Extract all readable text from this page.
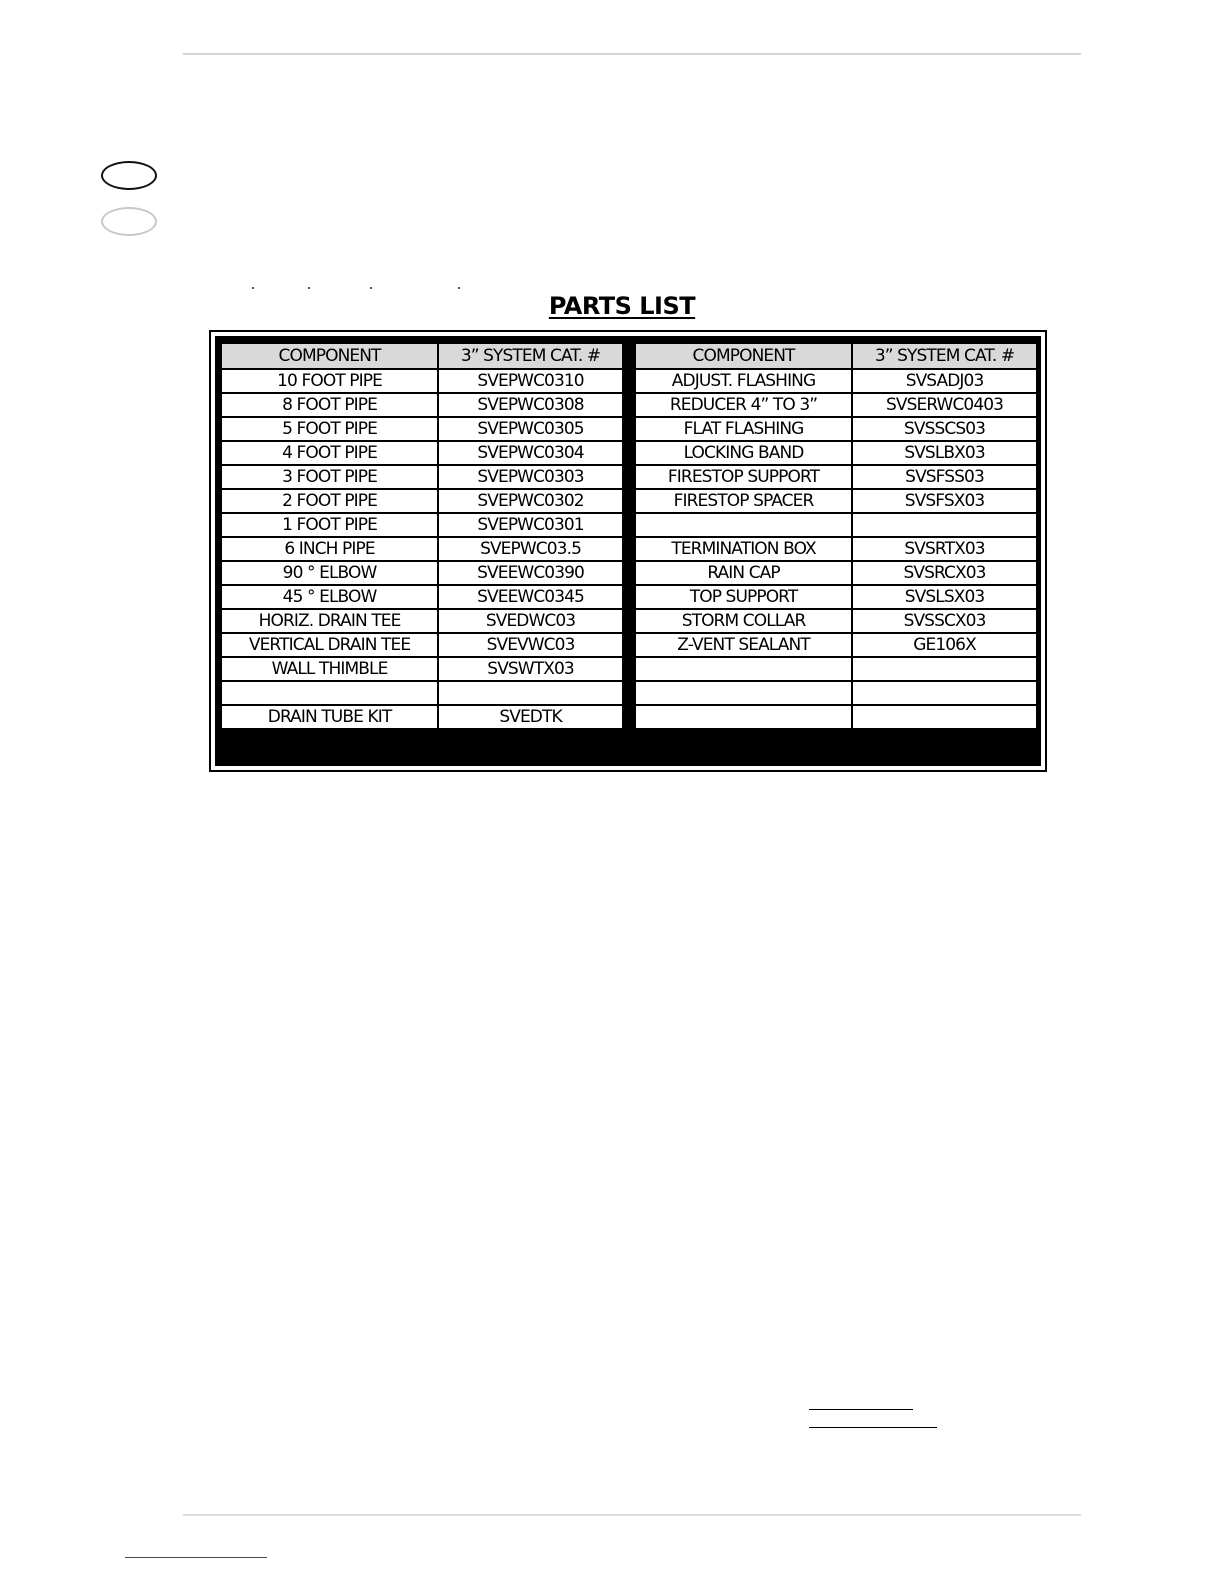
PARTS LIST
COMPONENT	3” SYSTEM CAT. #
10 FOOT PIPE	SVEPWC0310
8 FOOT PIPE	SVEPWC0308
5 FOOT PIPE	SVEPWC0305
4 FOOT PIPE	SVEPWC0304
3 FOOT PIPE	SVEPWC0303
2 FOOT PIPE	SVEPWC0302
1 FOOT PIPE	SVEPWC0301
6 INCH PIPE	SVEPWC03.5
90 ° ELBOW	SVEEWC0390
45 ° ELBOW	SVEEWC0345
HORIZ. DRAIN TEE	SVEDWC03
VERTICAL DRAIN TEE	SVEVWC03
WALL THIMBLE	SVSWTX03

DRAIN TUBE KIT	SVEDTK
COMPONENT	3” SYSTEM CAT. #
ADJUST. FLASHING	SVSADJ03
REDUCER 4” TO 3”	SVSERWC0403
FLAT FLASHING	SVSSCS03
LOCKING BAND	SVSLBX03
FIRESTOP SUPPORT	SVSFSS03
FIRESTOP SPACER	SVSFSX03

TERMINATION BOX	SVSRTX03
RAIN CAP	SVSRCX03
TOP SUPPORT	SVSLSX03
STORM COLLAR	SVSSCX03
Z-VENT SEALANT	GE106X
